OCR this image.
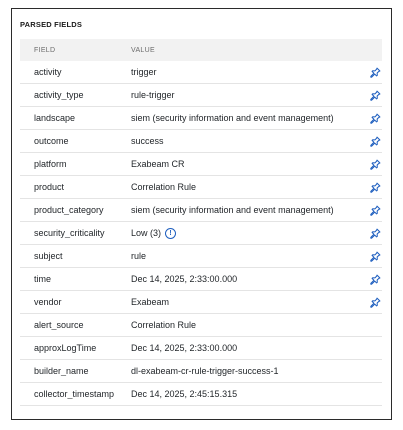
PARSED FIELDS
FIELD	VALUE
activity	trigger
activity_type	rule-trigger
landscape	siem (security information and event management)
outcome	success
platform	Exabeam CR
product	Correlation Rule
product_category	siem (security information and event management)
security_criticality	Low (3)	!
subject	rule
time	Dec 14, 2025, 2:33:00.000
vendor	Exabeam
alert_source	Correlation Rule
approxLogTime	Dec 14, 2025, 2:33:00.000
builder_name	dl-exabeam-cr-rule-trigger-success-1
collector_timestamp	Dec 14, 2025, 2:45:15.315
